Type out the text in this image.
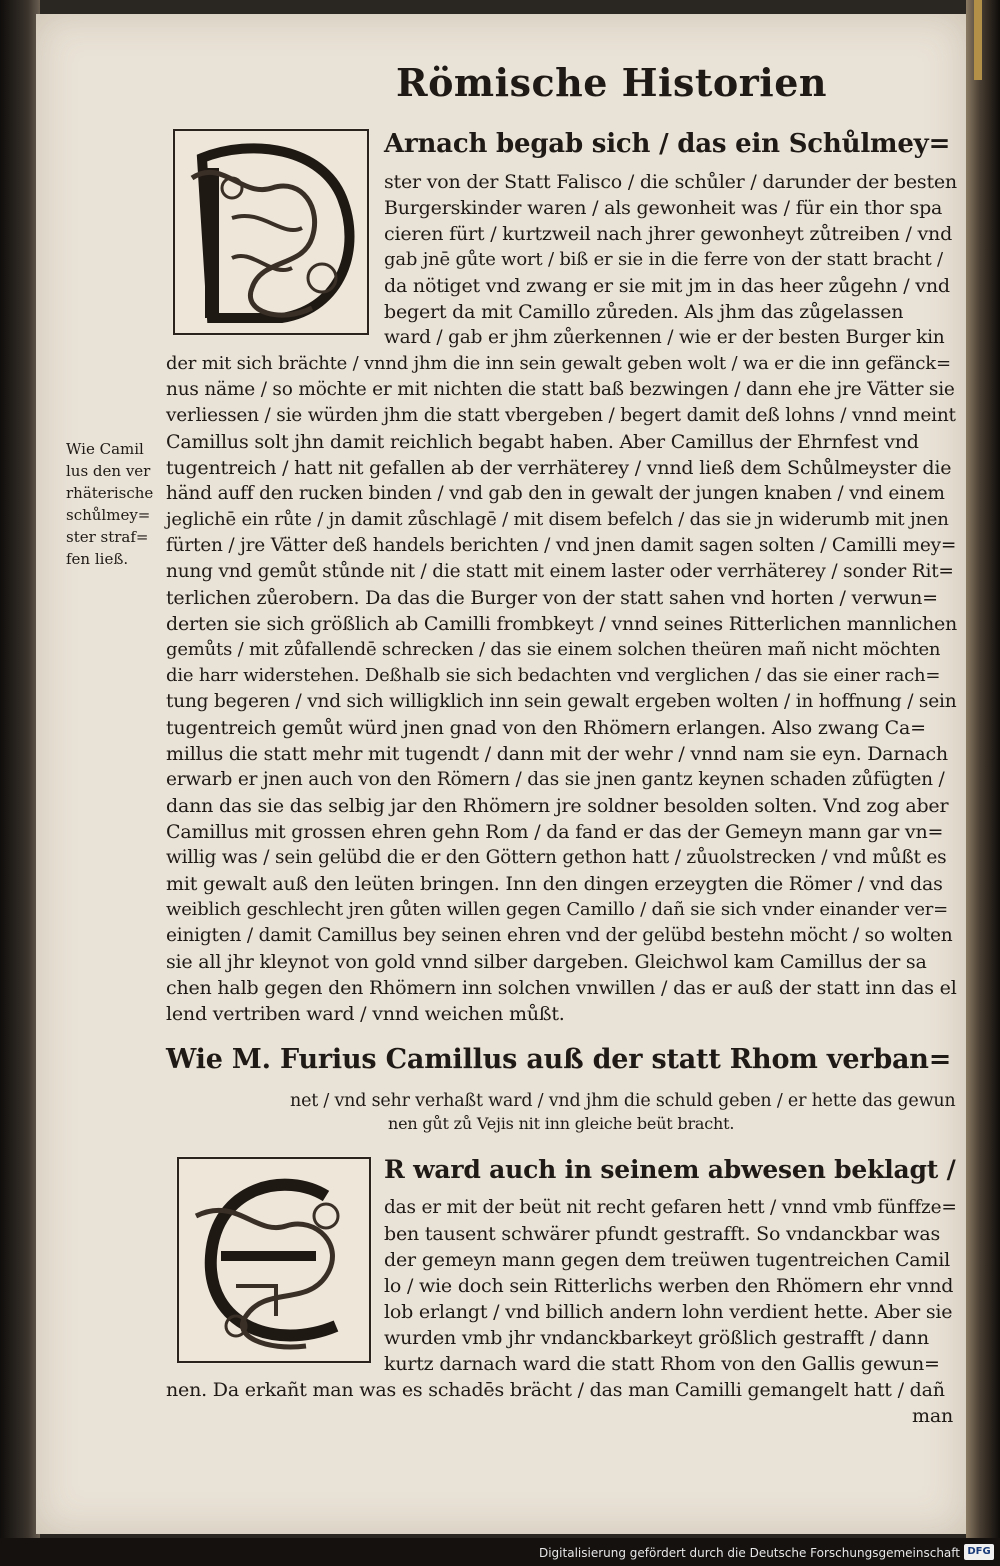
Römische Historien
Arnach begab sich / das ein Schůlmey=
ster von der Statt Falisco / die schůler / darunder der besten
Burgerskinder waren / als gewonheit was / für ein thor spa
cieren fürt / kurtzweil nach jhrer gewonheyt zůtreiben / vnd
gab jnē gůte wort / biß er sie in die ferre von der statt bracht /
da nötiget vnd zwang er sie mit jm in das heer zůgehn / vnd
begert da mit Camillo zůreden. Als jhm das zůgelassen
ward / gab er jhm zůerkennen / wie er der besten Burger kin
der mit sich brächte / vnnd jhm die inn sein gewalt geben wolt / wa er die inn gefänck=
nus näme / so möchte er mit nichten die statt baß bezwingen / dann ehe jre Vätter sie
verliessen / sie würden jhm die statt vbergeben / begert damit deß lohns / vnnd meint
Camillus solt jhn damit reichlich begabt haben. Aber Camillus der Ehrnfest vnd
tugentreich / hatt nit gefallen ab der verrhäterey / vnnd ließ dem Schůlmeyster die
händ auff den rucken binden / vnd gab den in gewalt der jungen knaben / vnd einem
jeglichē ein růte / jn damit zůschlagē / mit disem befelch / das sie jn widerumb mit jnen
fürten / jre Vätter deß handels berichten / vnd jnen damit sagen solten / Camilli mey=
nung vnd gemůt stůnde nit / die statt mit einem laster oder verrhäterey / sonder Rit=
terlichen zůerobern. Da das die Burger von der statt sahen vnd horten / verwun=
derten sie sich größlich ab Camilli frombkeyt / vnnd seines Ritterlichen mannlichen
gemůts / mit zůfallendē schrecken / das sie einem solchen theüren mañ nicht möchten
die harr widerstehen. Deßhalb sie sich bedachten vnd verglichen / das sie einer rach=
tung begeren / vnd sich willigklich inn sein gewalt ergeben wolten / in hoffnung / sein
tugentreich gemůt würd jnen gnad von den Rhömern erlangen. Also zwang Ca=
millus die statt mehr mit tugendt / dann mit der wehr / vnnd nam sie eyn. Darnach
erwarb er jnen auch von den Römern / das sie jnen gantz keynen schaden zůfügten /
dann das sie das selbig jar den Rhömern jre soldner besolden solten. Vnd zog aber
Camillus mit grossen ehren gehn Rom / da fand er das der Gemeyn mann gar vn=
willig was / sein gelübd die er den Göttern gethon hatt / zůuolstrecken / vnd můßt es
mit gewalt auß den leüten bringen. Inn den dingen erzeygten die Römer / vnd das
weiblich geschlecht jren gůten willen gegen Camillo / dañ sie sich vnder einander ver=
einigten / damit Camillus bey seinen ehren vnd der gelübd bestehn möcht / so wolten
sie all jhr kleynot von gold vnnd silber dargeben. Gleichwol kam Camillus der sa
chen halb gegen den Rhömern inn solchen vnwillen / das er auß der statt inn das el
lend vertriben ward / vnnd weichen můßt.
Wie Camil
lus den ver
rhäterische
schůlmey=
ster straf=
fen ließ.
Wie M. Furius Camillus auß der statt Rhom verban=
net / vnd sehr verhaßt ward / vnd jhm die schuld geben / er hette das gewun
nen gůt zů Vejis nit inn gleiche beüt bracht.
R ward auch in seinem abwesen beklagt /
das er mit der beüt nit recht gefaren hett / vnnd vmb fünffze=
ben tausent schwärer pfundt gestrafft. So vndanckbar was
der gemeyn mann gegen dem treüwen tugentreichen Camil
lo / wie doch sein Ritterlichs werben den Rhömern ehr vnnd
lob erlangt / vnd billich andern lohn verdient hette. Aber sie
wurden vmb jhr vndanckbarkeyt größlich gestrafft / dann
kurtz darnach ward die statt Rhom von den Gallis gewun=
nen. Da erkañt man was es schadēs brächt / das man Camilli gemangelt hatt / dañ
man
Digitalisierung gefördert durch die Deutsche Forschungsgemeinschaft DFG
